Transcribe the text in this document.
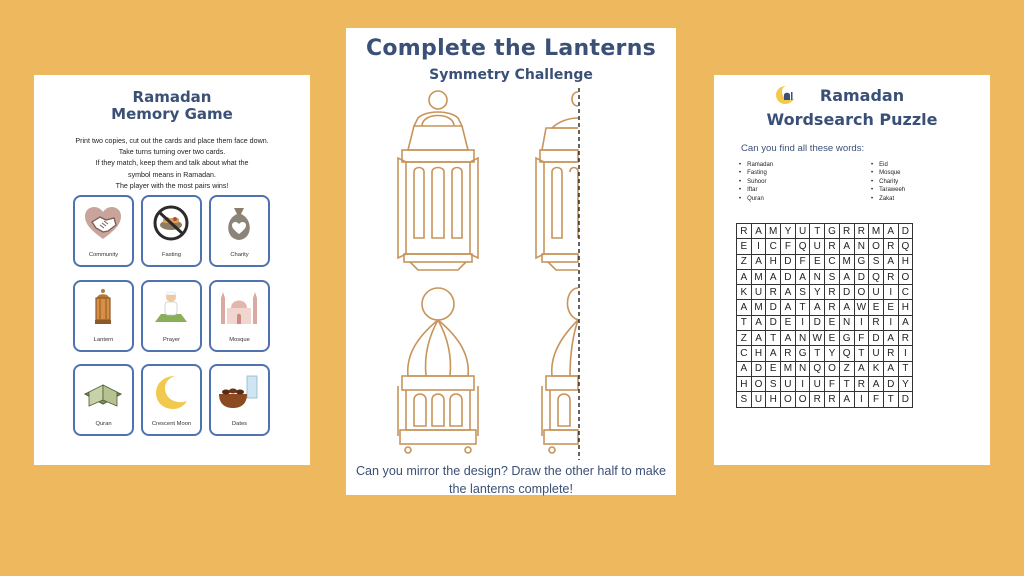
Ramadan
Memory Game
Print two copies, cut out the cards and place them face down.
Take turns turning over two cards.
If they match, keep them and talk about what the
symbol means in Ramadan.
The player with the most pairs wins!
Community	Fasting	Charity
Lantern	Prayer	Mosque
Quran	Crescent Moon	Dates
Complete the Lanterns
Symmetry Challenge
Can you mirror the design? Draw the other half to make
the lanterns complete!
Ramadan
Wordsearch Puzzle
Can you find all these words:
• Ramadan
• Fasting
• Suhoor
• Iftar
• Quran
• Eid
• Mosque
• Charity
• Taraweeh
• Zakat
R	A	M	Y	U	T	G	R	R	M	A	D
E	I	C	F	Q	U	R	A	N	O	R	Q
Z	A	H	D	F	E	C	M	G	S	A	H
A	M	A	D	A	N	S	A	D	Q	R	O
K	U	R	A	S	Y	R	D	O	U	I	C
A	M	D	A	T	A	R	A	W	E	E	H
T	A	D	E	I	D	E	N	I	R	I	A
Z	A	T	A	N	W	E	G	F	D	A	R
C	H	A	R	G	T	Y	Q	T	U	R	I
A	D	E	M	N	Q	O	Z	A	K	A	T
H	O	S	U	I	U	F	T	R	A	D	Y
S	U	H	O	O	R	R	A	I	F	T	D
